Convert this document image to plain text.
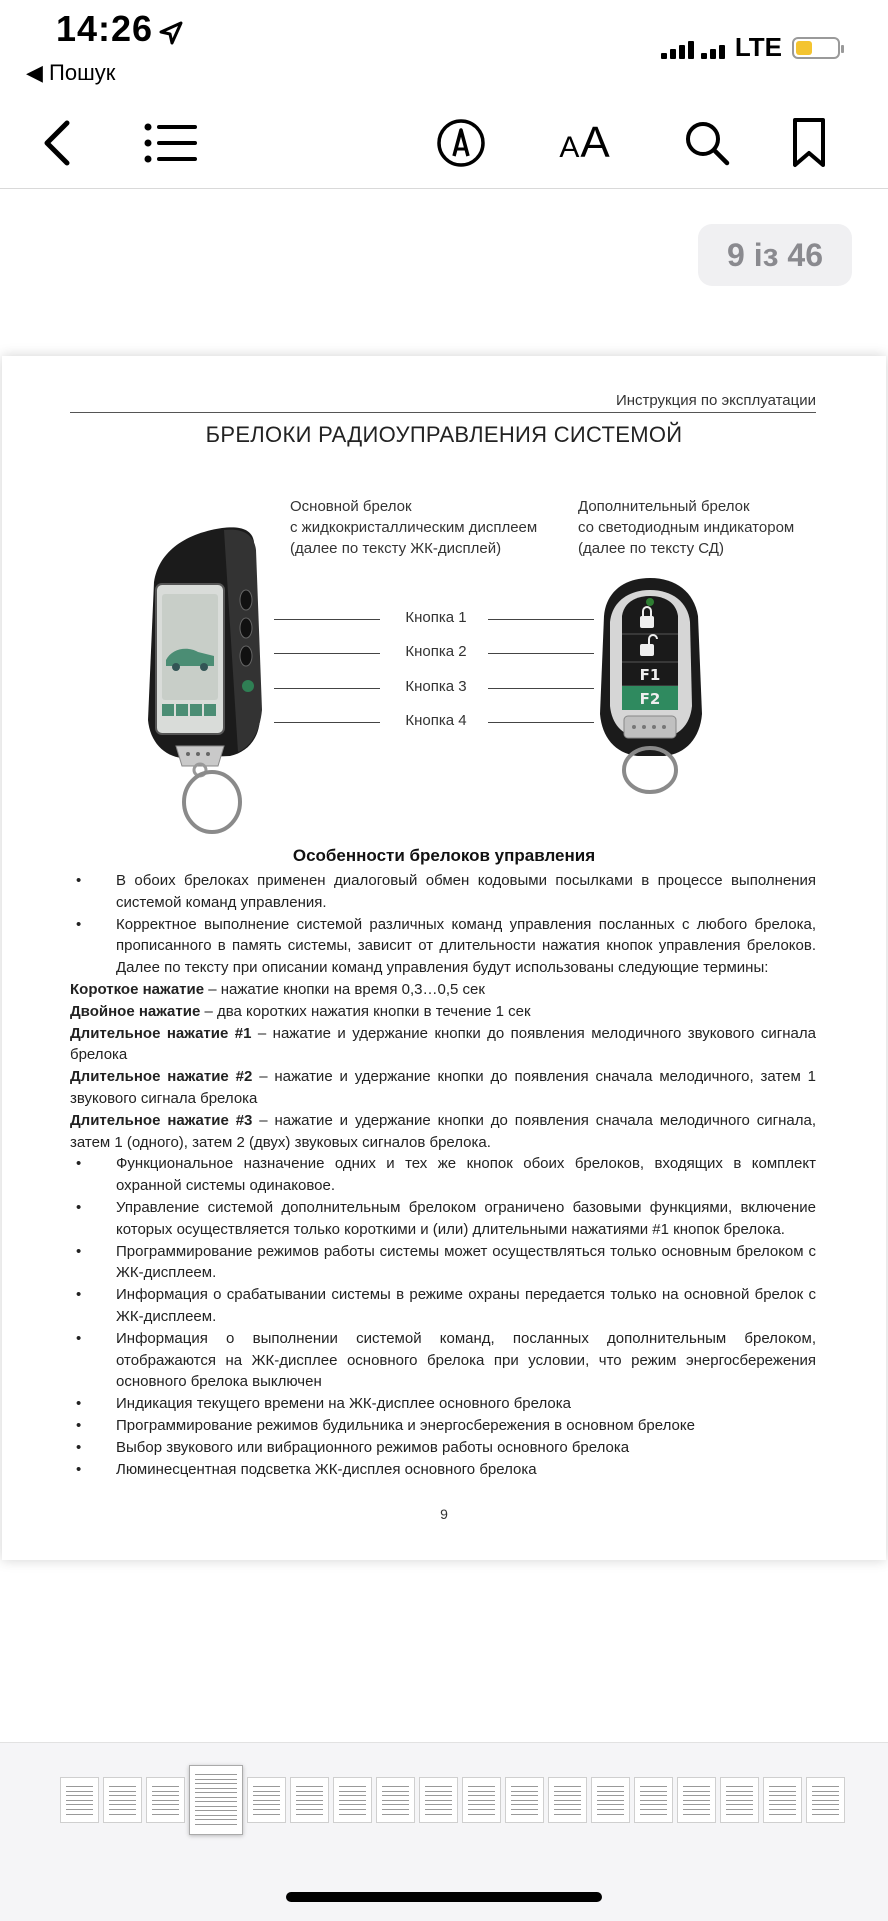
14:26
◀ Пошук
LTE
AA
9 із 46
Инструкция по эксплуатации
БРЕЛОКИ РАДИОУПРАВЛЕНИЯ СИСТЕМОЙ
Основной брелок
с жидкокристаллическим дисплеем
(далее по тексту ЖК-дисплей)
Дополнительный брелок
со светодиодным индикатором
(далее по тексту СД)
F1
F2
Кнопка 1
Кнопка 2
Кнопка 3
Кнопка 4
Особенности брелоков управления
• В обоих брелоках применен диалоговый обмен кодовыми посылками в процессе выполнения системой команд управления.
• Корректное выполнение системой различных команд управления посланных с любого брелока, прописанного в память системы, зависит от длительности нажатия кнопок управления брелоков. Далее по тексту при описании команд управления будут использованы следующие термины:
Короткое нажатие – нажатие кнопки на время 0,3…0,5 сек
Двойное нажатие – два коротких нажатия кнопки в течение 1 сек
Длительное нажатие #1 – нажатие и удержание кнопки до появления мелодичного звукового сигнала брелока
Длительное нажатие #2 – нажатие и удержание кнопки до появления сначала мелодичного, затем 1 звукового сигнала брелока
Длительное нажатие #3 – нажатие и удержание кнопки до появления сначала мелодичного сигнала, затем 1 (одного), затем 2 (двух) звуковых сигналов брелока.
• Функциональное назначение одних и тех же кнопок обоих брелоков, входящих в комплект охранной системы одинаковое.
• Управление системой дополнительным брелоком ограничено базовыми функциями, включение которых осуществляется только короткими и (или) длительными нажатиями #1 кнопок брелока.
• Программирование режимов работы системы может осуществляться только основным брелоком с ЖК-дисплеем.
• Информация о срабатывании системы в режиме охраны передается только на основной брелок с ЖК-дисплеем.
• Информация о выполнении системой команд, посланных дополнительным брелоком, отображаются на ЖК-дисплее основного брелока при условии, что режим энергосбережения основного брелока выключен
• Индикация текущего времени на ЖК-дисплее основного брелока
• Программирование режимов будильника и энергосбережения в основном брелоке
• Выбор звукового или вибрационного режимов работы основного брелока
• Люминесцентная подсветка ЖК-дисплея основного брелока
9
